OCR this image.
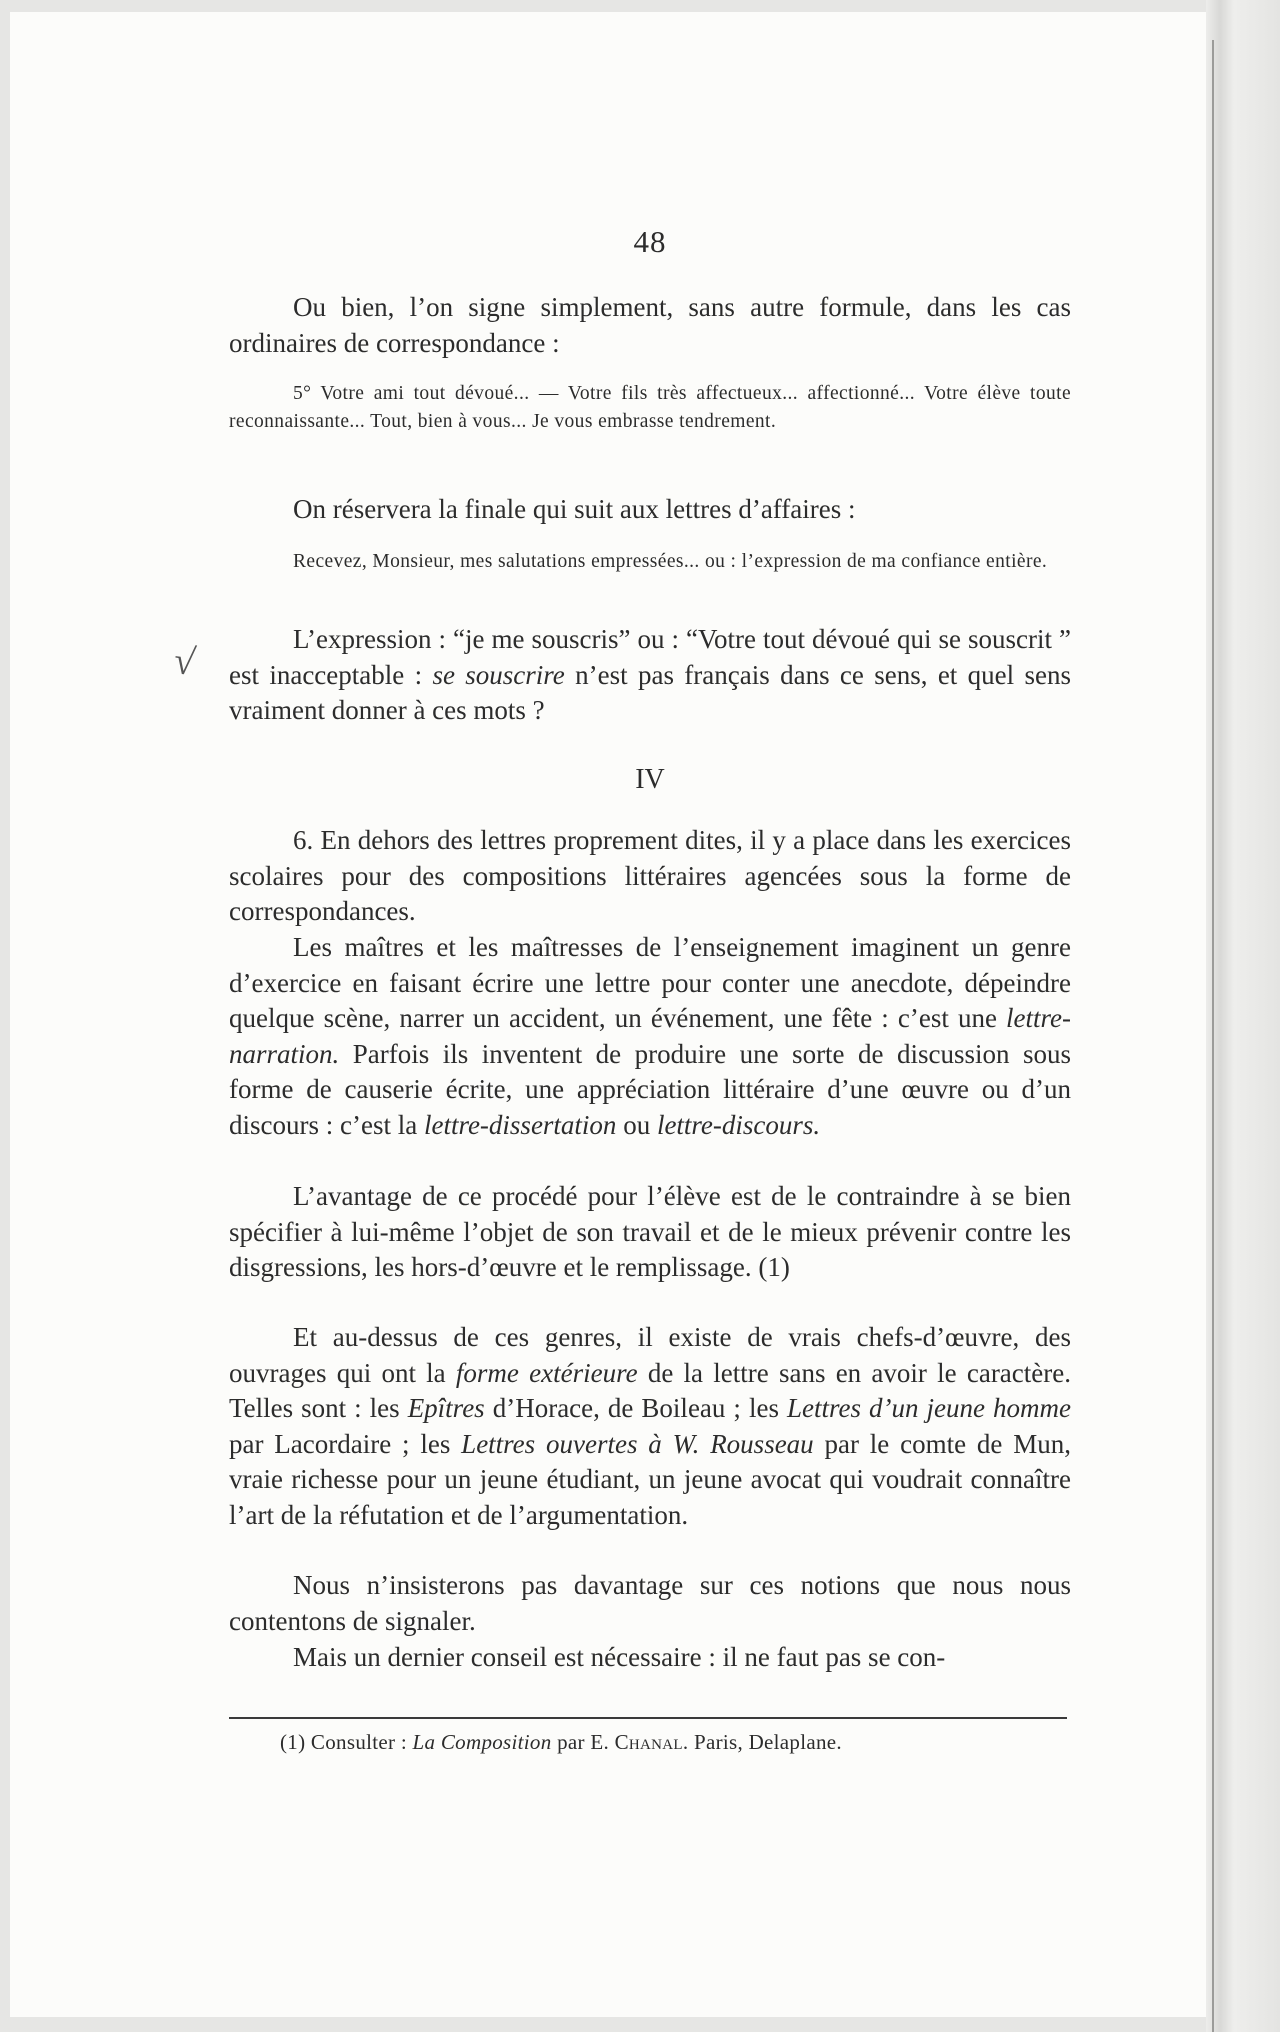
48
Ou bien, l’on signe simplement, sans autre formule, dans les cas ordinaires de correspondance :
5° Votre ami tout dévoué... — Votre fils très affectueux... affectionné... Votre élève toute reconnaissante... Tout, bien à vous... Je vous embrasse tendrement.
On réservera la finale qui suit aux lettres d’affaires :
Recevez, Monsieur, mes salutations empressées... ou : l’expression de ma confiance entière.
√
L’expression : “je me souscris” ou : “Votre tout dévoué qui se souscrit ” est inacceptable : se souscrire n’est pas français dans ce sens, et quel sens vraiment donner à ces mots ?
IV
6. En dehors des lettres proprement dites, il y a place dans les exercices scolaires pour des compositions littéraires agencées sous la forme de correspondances.
Les maîtres et les maîtresses de l’enseignement imaginent un genre d’exercice en faisant écrire une lettre pour conter une anecdote, dépeindre quelque scène, narrer un accident, un événement, une fête : c’est une lettre-narration. Parfois ils inventent de produire une sorte de discussion sous forme de causerie écrite, une appréciation littéraire d’une œuvre ou d’un discours : c’est la lettre-dissertation ou lettre-discours.
L’avantage de ce procédé pour l’élève est de le contraindre à se bien spécifier à lui-même l’objet de son travail et de le mieux prévenir contre les disgressions, les hors-d’œuvre et le remplissage. (1)
Et au-dessus de ces genres, il existe de vrais chefs-d’œuvre, des ouvrages qui ont la forme extérieure de la lettre sans en avoir le caractère. Telles sont : les Epîtres d’Horace, de Boileau ; les Lettres d’un jeune homme par Lacordaire ; les Lettres ouvertes à W. Rousseau par le comte de Mun, vraie richesse pour un jeune étudiant, un jeune avocat qui voudrait connaître l’art de la réfutation et de l’argumentation.
Nous n’insisterons pas davantage sur ces notions que nous nous contentons de signaler.
Mais un dernier conseil est nécessaire : il ne faut pas se con-
(1) Consulter : La Composition par E. Chanal. Paris, Delaplane.
